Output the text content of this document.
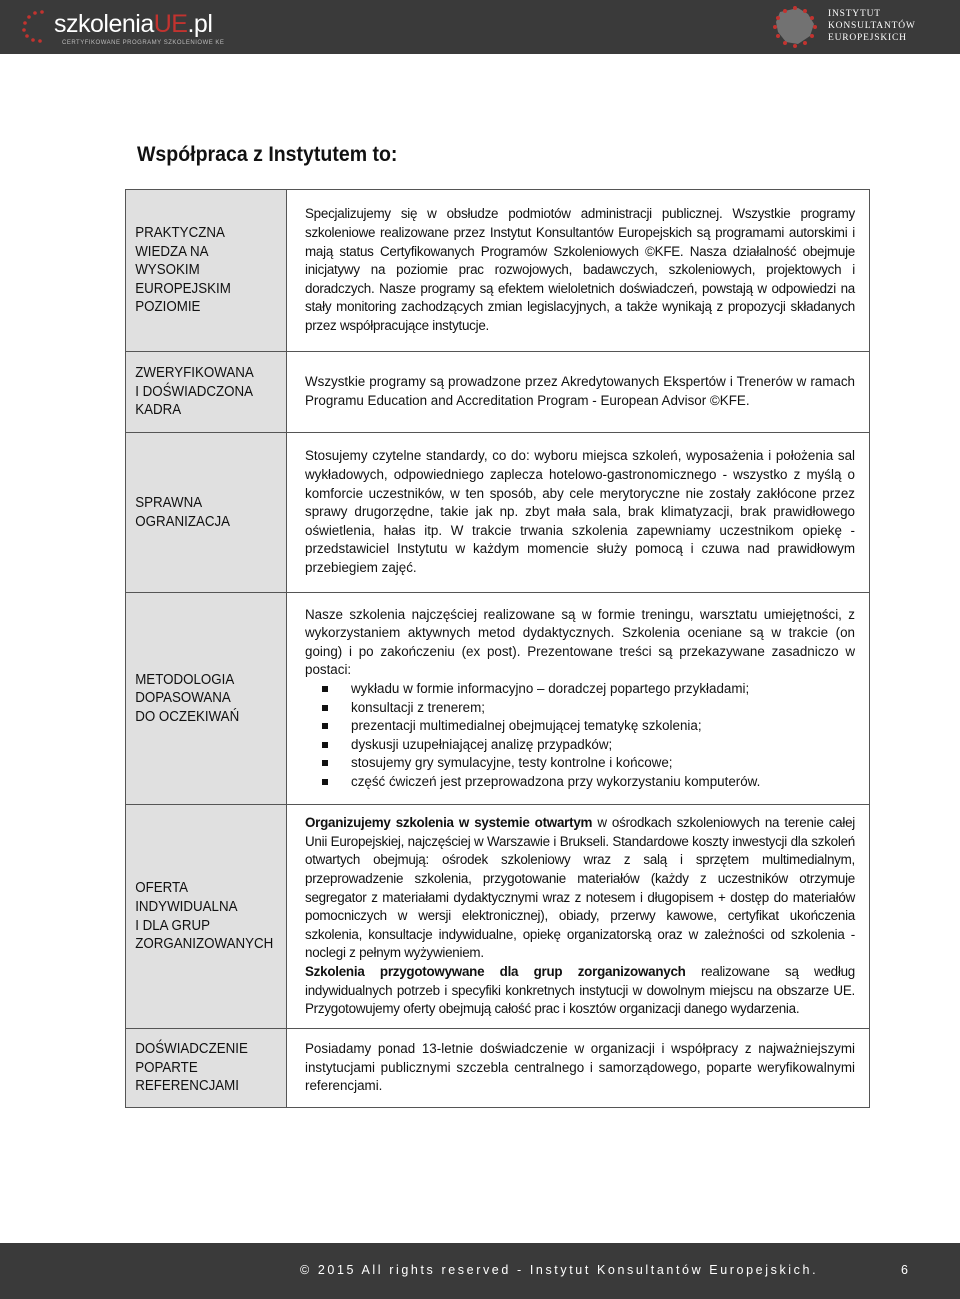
szkoleniaUE.pl
CERTYFIKOWANE PROGRAMY SZKOLENIOWE KE
INSTYTUT
KONSULTANTÓW
EUROPEJSKICH
Współpraca z Instytutem to:
PRAKTYCZNA
WIEDZA NA
WYSOKIM
EUROPEJSKIM
POZIOMIE
Specjalizujemy się w obsłudze podmiotów administracji publicznej. Wszystkie programy szkoleniowe realizowane przez Instytut Konsultantów Europejskich są programami autorskimi i mają status Certyfikowanych Programów Szkoleniowych ©KFE. Nasza działalność obejmuje inicjatywy na poziomie prac rozwojowych, badawczych, szkoleniowych, projektowych i doradczych. Nasze programy są efektem wieloletnich doświadczeń, powstają w odpowiedzi na stały monitoring zachodzących zmian legislacyjnych, a także wynikają z propozycji składanych przez współpracujące instytucje.
ZWERYFIKOWANA
I DOŚWIADCZONA
KADRA
Wszystkie programy są prowadzone przez Akredytowanych Ekspertów i Trenerów w ramach Programu Education and Accreditation Program - European Advisor ©KFE.
SPRAWNA
OGRANIZACJA
Stosujemy czytelne standardy, co do: wyboru miejsca szkoleń, wyposażenia i położenia sal wykładowych, odpowiedniego zaplecza hotelowo-gastronomicznego - wszystko z myślą o komforcie uczestników, w ten sposób, aby cele merytoryczne nie zostały zakłócone przez sprawy drugorzędne, takie jak np. zbyt mała sala, brak klimatyzacji, brak prawidłowego oświetlenia, hałas itp. W trakcie trwania szkolenia zapewniamy uczestnikom opiekę - przedstawiciel Instytutu w każdym momencie służy pomocą i czuwa nad prawidłowym przebiegiem zajęć.
METODOLOGIA
DOPASOWANA
DO OCZEKIWAŃ

Nasze szkolenia najczęściej realizowane są w formie treningu, warsztatu umiejętności, z wykorzystaniem aktywnych metod dydaktycznych. Szkolenia oceniane są w trakcie (on going) i po zakończeniu (ex post). Prezentowane treści są przekazywane zasadniczo w postaci:

wykładu w formie informacyjno – doradczej popartego przykładami;
konsultacji z trenerem;
prezentacji multimedialnej obejmującej tematykę szkolenia;
dyskusji uzupełniającej analizę przypadków;
stosujemy gry symulacyjne, testy kontrolne i końcowe;
część ćwiczeń jest przeprowadzona przy wykorzystaniu komputerów.
OFERTA
INDYWIDUALNA
I DLA GRUP
ZORGANIZOWANYCH

Organizujemy szkolenia w systemie otwartym w ośrodkach szkoleniowych na terenie całej Unii Europejskiej, najczęściej w Warszawie i Brukseli. Standardowe koszty inwestycji dla szkoleń otwartych obejmują: ośrodek szkoleniowy wraz z salą i sprzętem multimedialnym, przeprowadzenie szkolenia, przygotowanie materiałów (każdy z uczestników otrzymuje segregator z materiałami dydaktycznymi wraz z notesem i długopisem + dostęp do materiałów pomocniczych w wersji elektronicznej), obiady, przerwy kawowe, certyfikat ukończenia szkolenia, konsultacje indywidualne, opiekę organizatorską oraz w zależności od szkolenia - noclegi z pełnym wyżywieniem.

Szkolenia przygotowywane dla grup zorganizowanych realizowane są według indywidualnych potrzeb i specyfiki konkretnych instytucji w dowolnym miejscu na obszarze UE. Przygotowujemy oferty obejmują całość prac i kosztów organizacji danego wydarzenia.

DOŚWIADCZENIE
POPARTE
REFERENCJAMI
Posiadamy ponad 13-letnie doświadczenie w organizacji i współpracy z najważniejszymi instytucjami publicznymi szczebla centralnego i samorządowego, poparte weryfikowalnymi referencjami.
© 2015 All rights reserved - Instytut Konsultantów Europejskich.	6
